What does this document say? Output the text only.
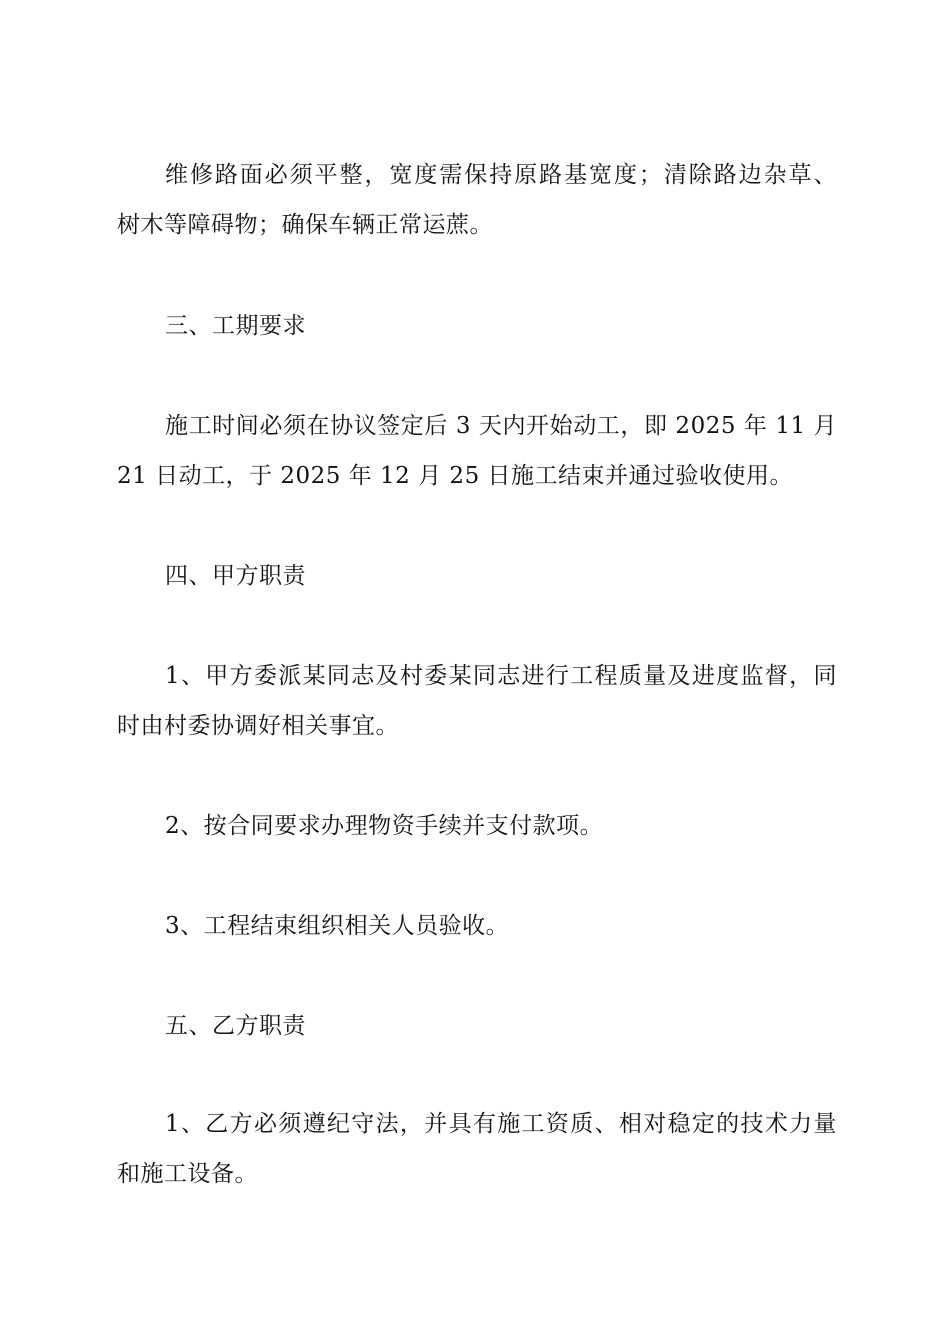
维修路面必须平整，宽度需保持原路基宽度；清除路边杂草、
树木等障碍物；确保车辆正常运蔗。
三、工期要求
施工时间必须在协议签定后 3 天内开始动工，即 2025 年 11 月
21 日动工，于 2025 年 12 月 25 日施工结束并通过验收使用。
四、甲方职责
1、甲方委派某同志及村委某同志进行工程质量及进度监督，同
时由村委协调好相关事宜。
2、按合同要求办理物资手续并支付款项。
3、工程结束组织相关人员验收。
五、乙方职责
1、乙方必须遵纪守法，并具有施工资质、相对稳定的技术力量
和施工设备。
